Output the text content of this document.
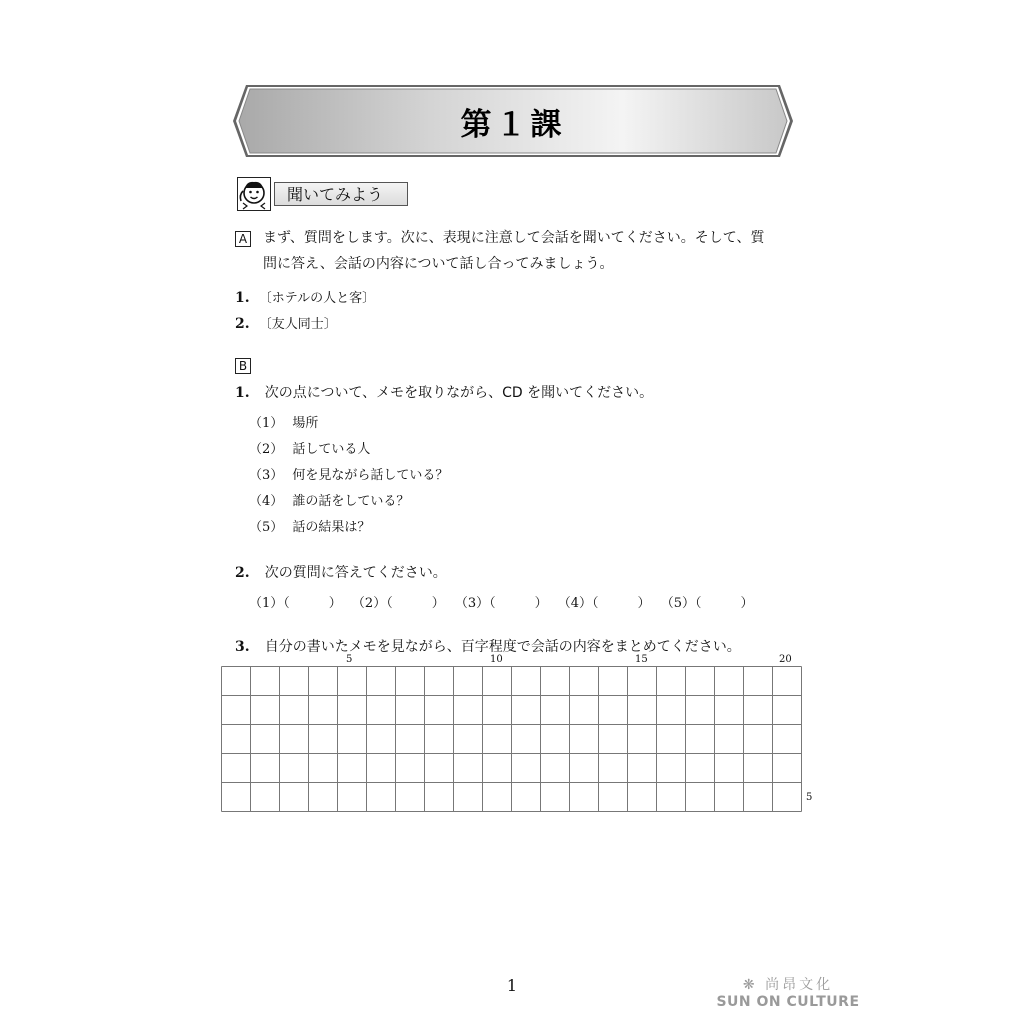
第１課
聞いてみよう
A まず、質問をします。次に、表現に注意して会話を聞いてください。そして、質
問に答え、会話の内容について話し合ってみましょう。
1. 〔ホテルの人と客〕
2. 〔友人同士〕
B
1. 次の点について、メモを取りながら、CD を聞いてください。
（1） 場所
（2） 話している人
（3） 何を見ながら話している？
（4） 誰の話をしている？
（5） 話の結果は？
2. 次の質問に答えてください。
（1）（　　　） （2）（　　　） （3）（　　　） （4）（　　　） （5）（　　　）
3. 自分の書いたメモを見ながら、百字程度で会話の内容をまとめてください。
5	10	15	20
5
1	❋ 尚昂文化
SUN ON CULTURE
